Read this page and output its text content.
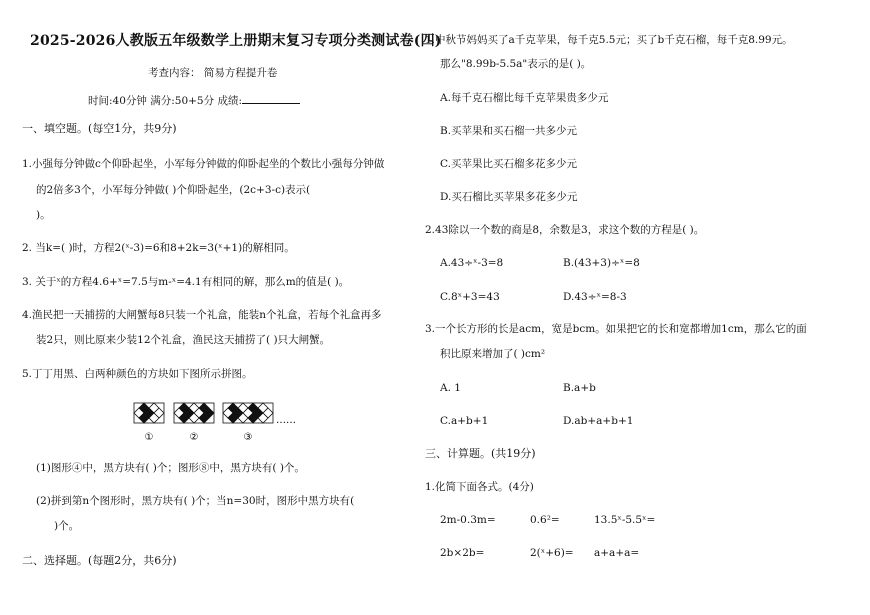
2025-2026人教版五年级数学上册期末复习专项分类测试卷(四)
考查内容： 简易方程提升卷
时间:40分钟 满分:50+5分 成绩:
一、填空题。(每空1分，共9分)
1.小强每分钟做c个仰卧起坐，小军每分钟做的仰卧起坐的个数比小强每分钟做
的2倍多3个，小军每分钟做( )个仰卧起坐，(2c+3-c)表示(
)。
2. 当k=( )时，方程2(ˣ-3)=6和8+2k=3(ˣ+1)的解相同。
3. 关于ˣ的方程4.6+ˣ=7.5与m-ˣ=4.1有相同的解，那么m的值是( )。
4.渔民把一天捕捞的大闸蟹每8只装一个礼盒，能装n个礼盒，若每个礼盒再多
装2只，则比原来少装12个礼盒，渔民这天捕捞了( )只大闸蟹。
5.丁丁用黑、白两种颜色的方块如下图所示拼图。
①	②	③
……
(1)图形④中，黑方块有( )个；图形⑧中，黑方块有( )个。
(2)拼到第n个图形时，黑方块有( )个；当n=30时，图形中黑方块有(
)个。
二、选择题。(每题2分，共6分)
1.中秋节妈妈买了a千克苹果，每千克5.5元；买了b千克石榴，每千克8.99元。
那么"8.99b-5.5a"表示的是( )。
A.每千克石榴比每千克苹果贵多少元
B.买苹果和买石榴一共多少元
C.买苹果比买石榴多花多少元
D.买石榴比买苹果多花多少元
2.43除以一个数的商是8，余数是3，求这个数的方程是( )。
A.43÷ˣ-3=8	B.(43+3)÷ˣ=8
C.8ˣ+3=43	D.43÷ˣ=8-3
3.一个长方形的长是acm，宽是bcm。如果把它的长和宽都增加1cm，那么它的面
积比原来增加了( )cm²
A. 1	B.a+b
C.a+b+1	D.ab+a+b+1
三、计算题。(共19分)
1.化简下面各式。(4分)
2m-0.3m=	0.6²=	13.5ˣ-5.5ˣ=
2b×2b=	2(ˣ+6)= a+a+a=
